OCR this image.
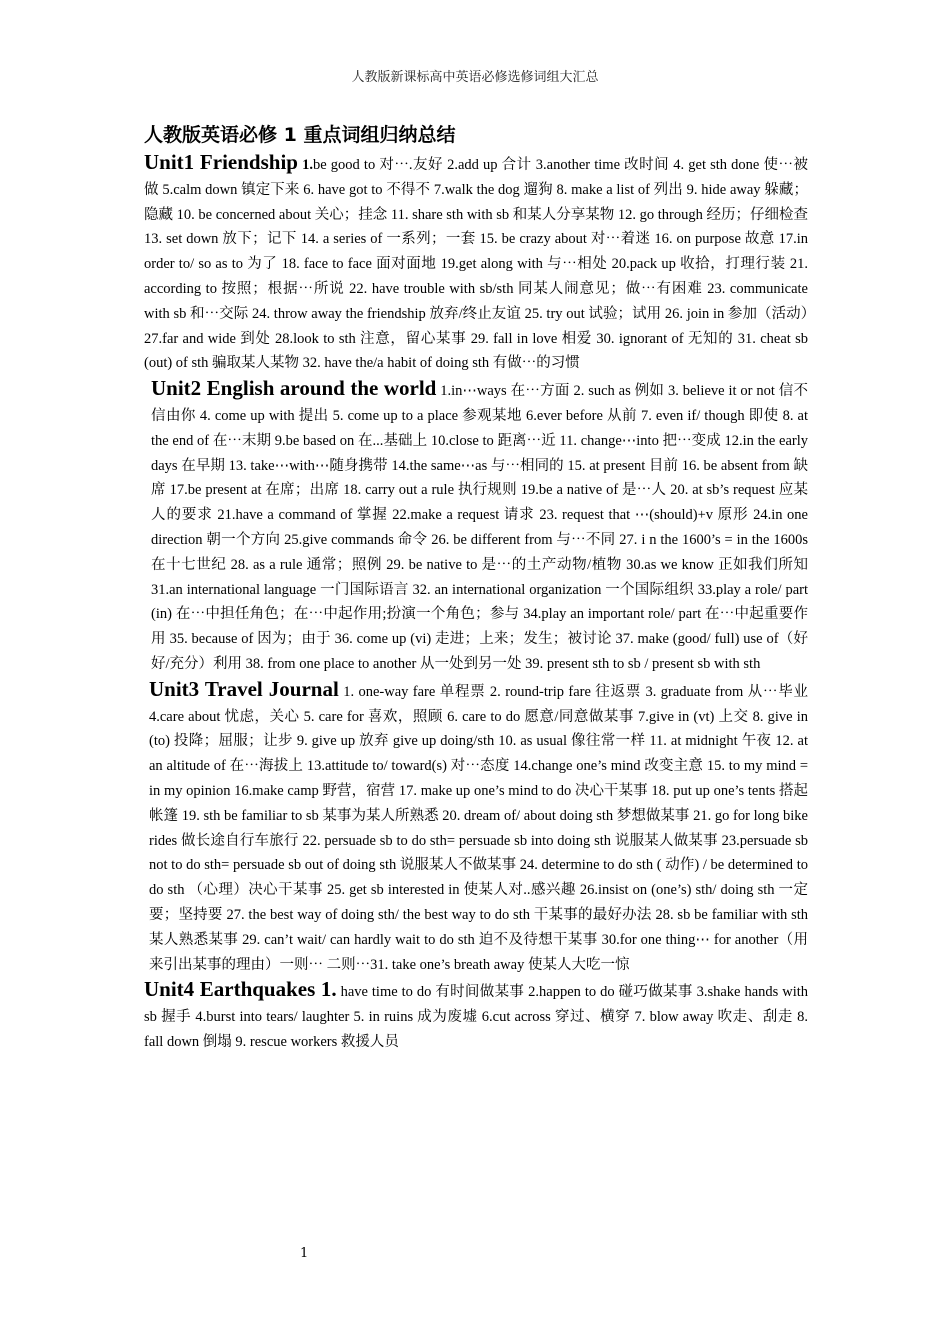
人教版新课标高中英语必修选修词组大汇总
人教版英语必修 1 重点词组归纳总结

Unit1 Friendship 1.be good to 对⋯.友好 2.add up 合计 3.another time 改时间 4. get sth done 使⋯被做 5.calm down 镇定下来 6. have got to 不得不 7.walk the dog 遛狗 8. make a list of 列出 9. hide away 躲藏；隐藏 10. be concerned about 关心；挂念 11. share sth with sb 和某人分享某物 12. go through 经历；仔细检查 13. set down 放下；记下 14. a series of 一系列；一套 15. be crazy about 对⋯着迷 16. on purpose 故意 17.in order to/ so as to 为了 18. face to face 面对面地 19.get along with 与⋯相处 20.pack up 收拾，打理行装 21. according to 按照；根据⋯所说 22. have trouble with sb/sth 同某人闹意见；做⋯有困难 23. communicate with sb 和⋯交际 24. throw away the friendship 放弃/终止友谊 25. try out 试验；试用 26. join in 参加（活动）27.far and wide 到处 28.look to sth 注意，留心某事 29. fall in love 相爱 30. ignorant of 无知的 31. cheat sb (out) of sth 骗取某人某物 32. have the/a habit of doing sth 有做⋯的习惯

Unit2 English around the world 1.in⋯ways 在⋯方面 2. such as 例如 3. believe it or not 信不信由你 4. come up with 提出 5. come up to a place 参观某地 6.ever before 从前 7. even if/ though 即使 8. at the end of 在⋯末期 9.be based on 在...基础上 10.close to 距离⋯近 11. change⋯into 把⋯变成 12.in the early days 在早期 13. take⋯with⋯随身携带 14.the same⋯as 与⋯相同的 15. at present 目前 16. be absent from 缺席 17.be present at 在席；出席 18. carry out a rule 执行规则 19.be a native of 是⋯人 20. at sb’s request 应某人的要求 21.have a command of 掌握 22.make a request 请求 23. request that ⋯(should)+v 原形 24.in one direction 朝一个方向 25.give commands 命令 26. be different from 与⋯不同 27. i n the 1600’s = in the 1600s 在十七世纪 28. as a rule 通常；照例 29. be native to 是⋯的土产动物/植物 30.as we know 正如我们所知 31.an international language 一门国际语言 32. an international organization 一个国际组织 33.play a role/ part (in) 在⋯中担任角色；在⋯中起作用;扮演一个角色；参与 34.play an important role/ part 在⋯中起重要作用 35. because of 因为；由于 36. come up (vi) 走进；上来；发生；被讨论 37. make (good/ full) use of（好好/充分）利用 38. from one place to another 从一处到另一处 39. present sth to sb / present sb with sth

Unit3 Travel Journal 1. one-way fare 单程票 2. round-trip fare 往返票 3. graduate from 从⋯毕业 4.care about 忧虑，关心 5. care for 喜欢，照顾 6. care to do 愿意/同意做某事 7.give in (vt) 上交 8. give in (to) 投降；屈服；让步 9. give up 放弃 give up doing/sth 10. as usual 像往常一样 11. at midnight 午夜 12. at an altitude of 在⋯海拔上 13.attitude to/ toward(s) 对⋯态度 14.change one’s mind 改变主意 15. to my mind = in my opinion 16.make camp 野营，宿营 17. make up one’s mind to do 决心干某事 18. put up one’s tents 搭起帐篷 19. sth be familiar to sb 某事为某人所熟悉 20. dream of/ about doing sth 梦想做某事 21. go for long bike rides 做长途自行车旅行 22. persuade sb to do sth= persuade sb into doing sth 说服某人做某事 23.persuade sb not to do sth= persuade sb out of doing sth 说服某人不做某事 24. determine to do sth ( 动作) / be determined to do sth （心理）决心干某事 25. get sb interested in 使某人对..感兴趣 26.insist on (one’s) sth/ doing sth 一定要；坚持要 27. the best way of doing sth/ the best way to do sth 干某事的最好办法 28. sb be familiar with sth 某人熟悉某事 29. can’t wait/ can hardly wait to do sth 迫不及待想干某事 30.for one thing⋯ for another（用来引出某事的理由）一则⋯ 二则⋯31. take one’s breath away 使某人大吃一惊

Unit4 Earthquakes 1. have time to do 有时间做某事 2.happen to do 碰巧做某事 3.shake hands with sb 握手 4.burst into tears/ laughter 5. in ruins 成为废墟 6.cut across 穿过、横穿 7. blow away 吹走、刮走 8. fall down 倒塌 9. rescue workers 救援人员

1
